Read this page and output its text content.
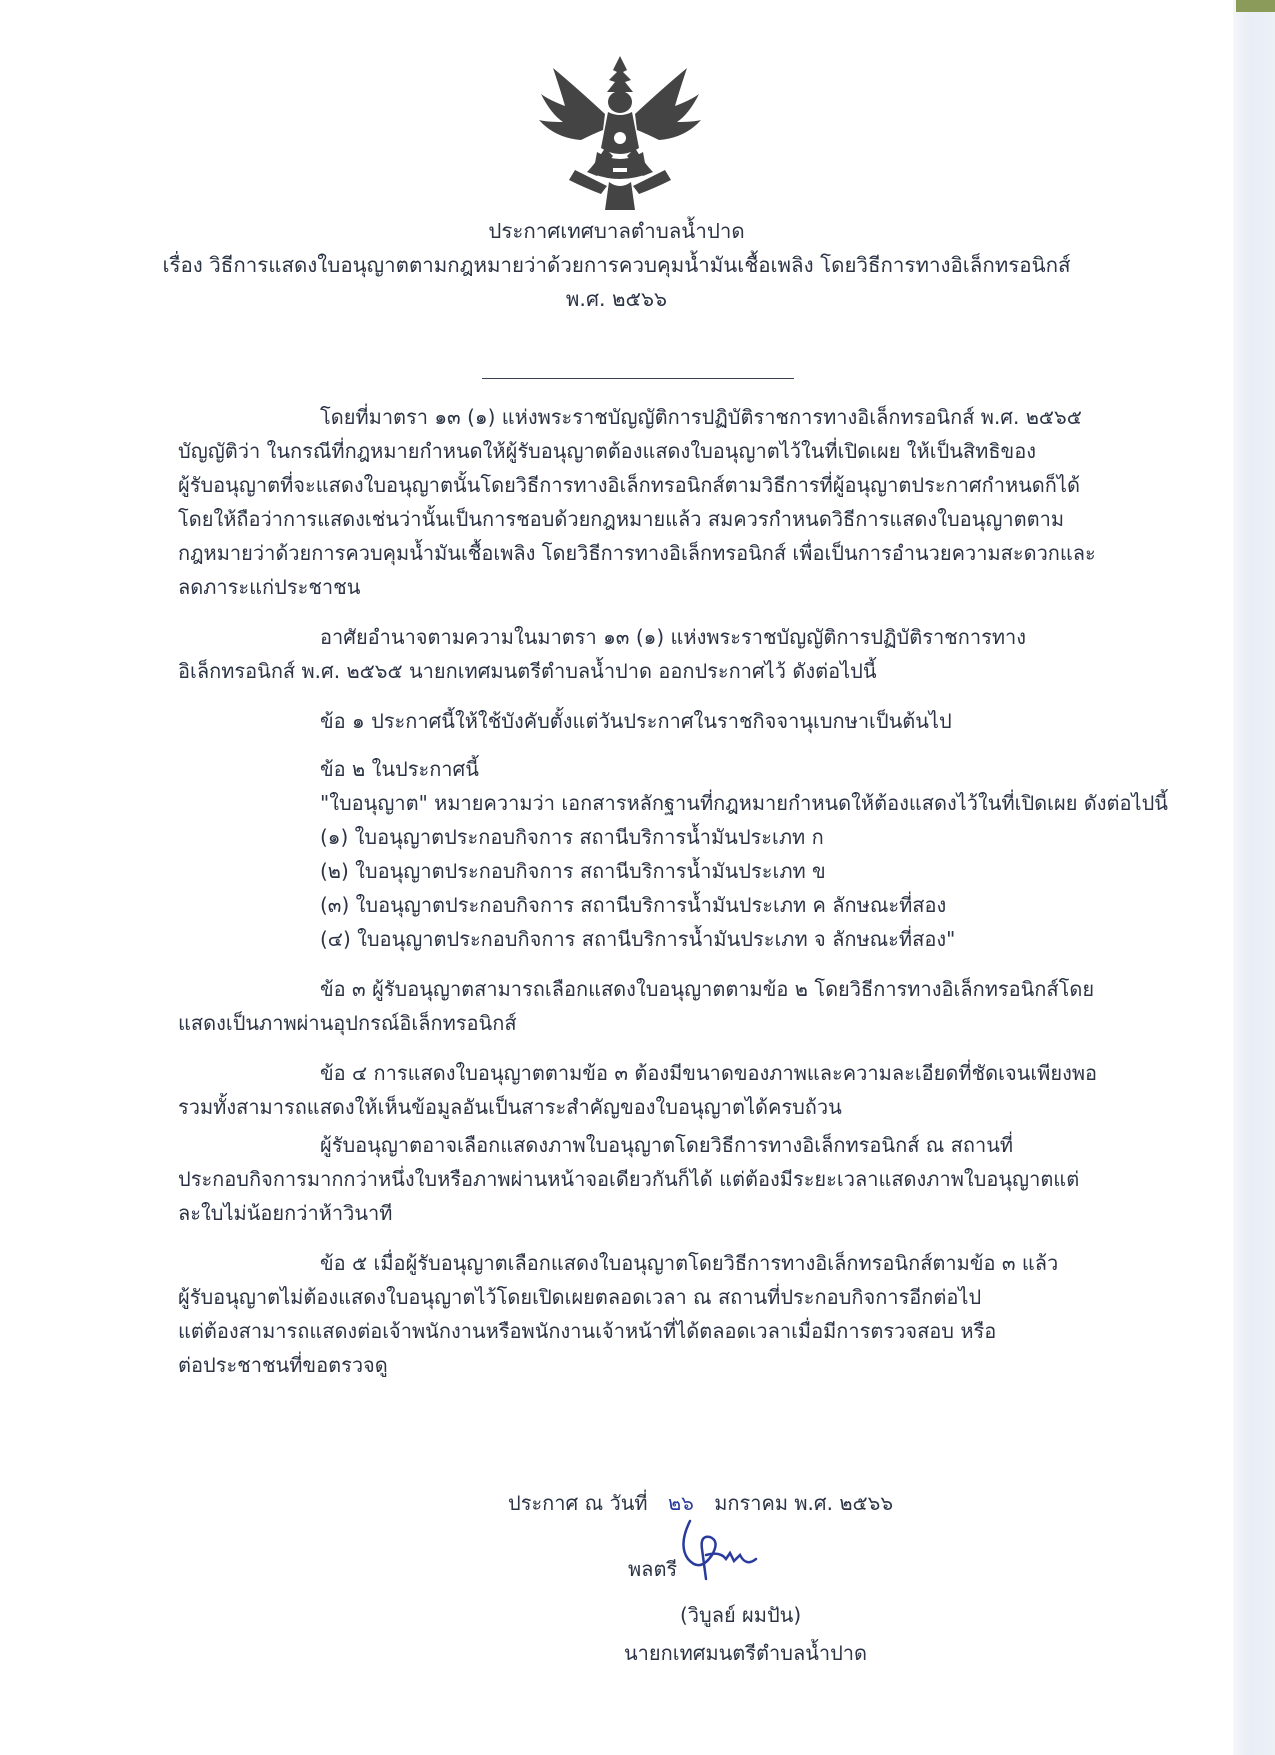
ประกาศเทศบาลตำบลน้ำปาด
เรื่อง วิธีการแสดงใบอนุญาตตามกฎหมายว่าด้วยการควบคุมน้ำมันเชื้อเพลิง โดยวิธีการทางอิเล็กทรอนิกส์
พ.ศ. ๒๕๖๖
โดยที่มาตรา ๑๓ (๑) แห่งพระราชบัญญัติการปฏิบัติราชการทางอิเล็กทรอนิกส์ พ.ศ. ๒๕๖๕
บัญญัติว่า ในกรณีที่กฎหมายกำหนดให้ผู้รับอนุญาตต้องแสดงใบอนุญาตไว้ในที่เปิดเผย ให้เป็นสิทธิของ
ผู้รับอนุญาตที่จะแสดงใบอนุญาตนั้นโดยวิธีการทางอิเล็กทรอนิกส์ตามวิธีการที่ผู้อนุญาตประกาศกำหนดก็ได้
โดยให้ถือว่าการแสดงเช่นว่านั้นเป็นการชอบด้วยกฎหมายแล้ว สมควรกำหนดวิธีการแสดงใบอนุญาตตาม
กฎหมายว่าด้วยการควบคุมน้ำมันเชื้อเพลิง โดยวิธีการทางอิเล็กทรอนิกส์ เพื่อเป็นการอำนวยความสะดวกและ
ลดภาระแก่ประชาชน
อาศัยอำนาจตามความในมาตรา ๑๓ (๑) แห่งพระราชบัญญัติการปฏิบัติราชการทาง
อิเล็กทรอนิกส์ พ.ศ. ๒๕๖๕ นายกเทศมนตรีตำบลน้ำปาด ออกประกาศไว้ ดังต่อไปนี้
ข้อ ๑ ประกาศนี้ให้ใช้บังคับตั้งแต่วันประกาศในราชกิจจานุเบกษาเป็นต้นไป
ข้อ ๒ ในประกาศนี้
"ใบอนุญาต" หมายความว่า เอกสารหลักฐานที่กฎหมายกำหนดให้ต้องแสดงไว้ในที่เปิดเผย ดังต่อไปนี้
(๑) ใบอนุญาตประกอบกิจการ สถานีบริการน้ำมันประเภท ก
(๒) ใบอนุญาตประกอบกิจการ สถานีบริการน้ำมันประเภท ข
(๓) ใบอนุญาตประกอบกิจการ สถานีบริการน้ำมันประเภท ค ลักษณะที่สอง
(๔) ใบอนุญาตประกอบกิจการ สถานีบริการน้ำมันประเภท จ ลักษณะที่สอง"
ข้อ ๓ ผู้รับอนุญาตสามารถเลือกแสดงใบอนุญาตตามข้อ ๒ โดยวิธีการทางอิเล็กทรอนิกส์โดย
แสดงเป็นภาพผ่านอุปกรณ์อิเล็กทรอนิกส์
ข้อ ๔ การแสดงใบอนุญาตตามข้อ ๓ ต้องมีขนาดของภาพและความละเอียดที่ชัดเจนเพียงพอ
รวมทั้งสามารถแสดงให้เห็นข้อมูลอันเป็นสาระสำคัญของใบอนุญาตได้ครบถ้วน
ผู้รับอนุญาตอาจเลือกแสดงภาพใบอนุญาตโดยวิธีการทางอิเล็กทรอนิกส์ ณ สถานที่
ประกอบกิจการมากกว่าหนึ่งใบหรือภาพผ่านหน้าจอเดียวกันก็ได้ แต่ต้องมีระยะเวลาแสดงภาพใบอนุญาตแต่
ละใบไม่น้อยกว่าห้าวินาที
ข้อ ๕ เมื่อผู้รับอนุญาตเลือกแสดงใบอนุญาตโดยวิธีการทางอิเล็กทรอนิกส์ตามข้อ ๓ แล้ว
ผู้รับอนุญาตไม่ต้องแสดงใบอนุญาตไว้โดยเปิดเผยตลอดเวลา ณ สถานที่ประกอบกิจการอีกต่อไป
แต่ต้องสามารถแสดงต่อเจ้าพนักงานหรือพนักงานเจ้าหน้าที่ได้ตลอดเวลาเมื่อมีการตรวจสอบ หรือ
ต่อประชาชนที่ขอตรวจดู
ประกาศ ณ วันที่ ๒๖ มกราคม พ.ศ. ๒๕๖๖
พลตรี
(วิบูลย์ ผมปัน)
นายกเทศมนตรีตำบลน้ำปาด
